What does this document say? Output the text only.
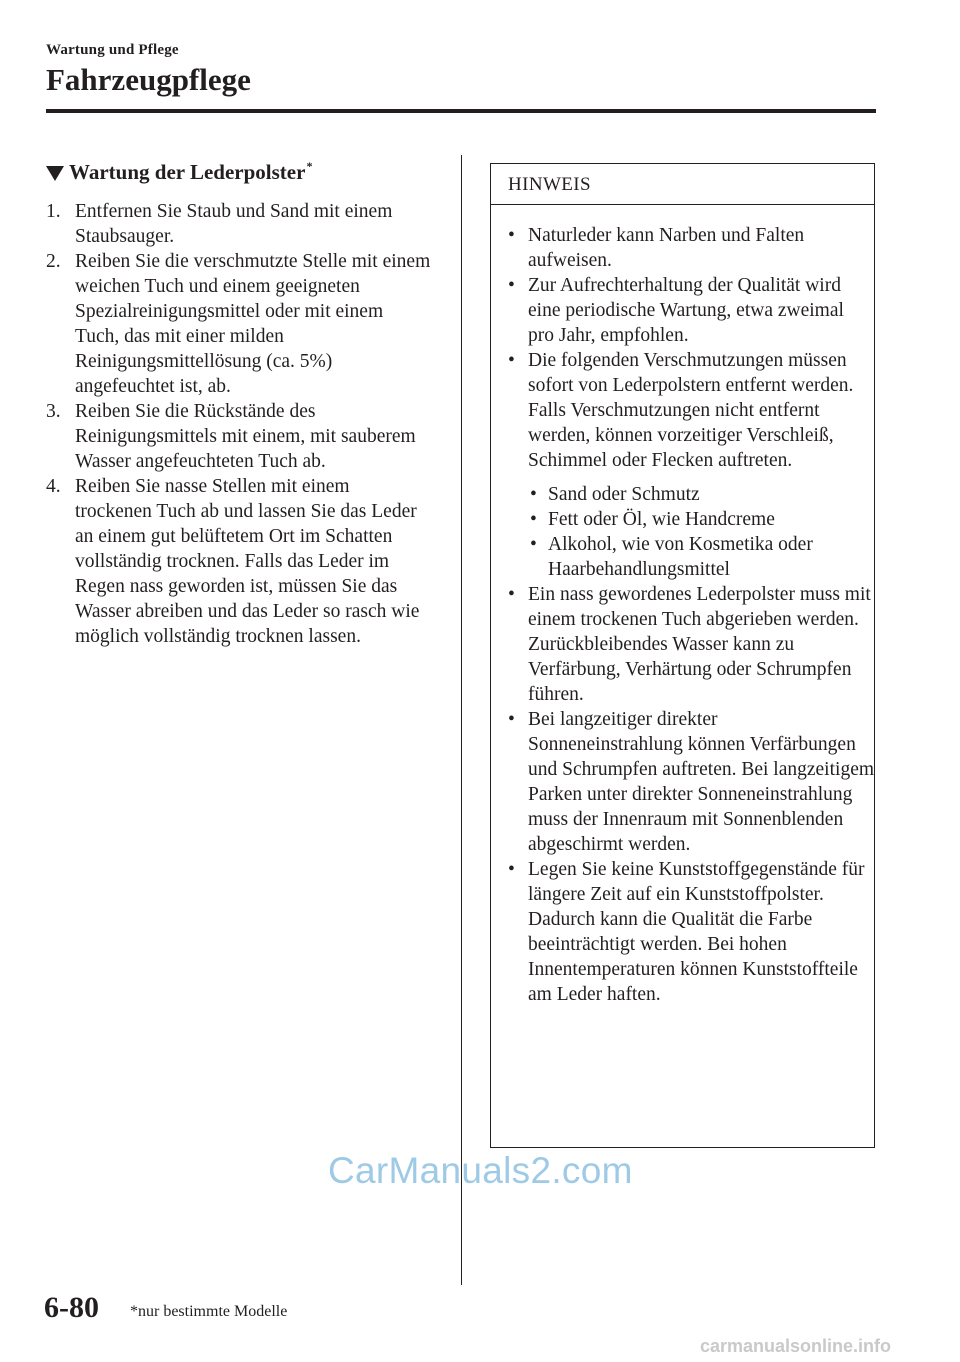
Wartung und Pflege
Fahrzeugpflege
Wartung der Lederpolster *
1. Entfernen Sie Staub und Sand mit einem Staubsauger.
2. Reiben Sie die verschmutzte Stelle mit einem weichen Tuch und einem geeigneten Spezialreinigungsmittel oder mit einem Tuch, das mit einer milden Reinigungsmittellösung (ca. 5%) angefeuchtet ist, ab.
3. Reiben Sie die Rückstände des Reinigungsmittels mit einem, mit sauberem Wasser angefeuchteten Tuch ab.
4. Reiben Sie nasse Stellen mit einem trockenen Tuch ab und lassen Sie das Leder an einem gut belüftetem Ort im Schatten vollständig trocknen. Falls das Leder im Regen nass geworden ist, müssen Sie das Wasser abreiben und das Leder so rasch wie möglich vollständig trocknen lassen.
HINWEIS
• Naturleder kann Narben und Falten aufweisen.
• Zur Aufrechterhaltung der Qualität wird eine periodische Wartung, etwa zweimal pro Jahr, empfohlen.
• Die folgenden Verschmutzungen müssen sofort von Lederpolstern entfernt werden.
Falls Verschmutzungen nicht entfernt werden, können vorzeitiger Verschleiß, Schimmel oder Flecken auftreten.
• Sand oder Schmutz
• Fett oder Öl, wie Handcreme
• Alkohol, wie von Kosmetika oder Haarbehandlungsmittel
• Ein nass gewordenes Lederpolster muss mit einem trockenen Tuch abgerieben werden. Zurückbleibendes Wasser kann zu Verfärbung, Verhärtung oder Schrumpfen führen.
• Bei langzeitiger direkter Sonneneinstrahlung können Verfärbungen und Schrumpfen auftreten. Bei langzeitigem Parken unter direkter Sonneneinstrahlung muss der Innenraum mit Sonnenblenden abgeschirmt werden.
• Legen Sie keine Kunststoffgegenstände für längere Zeit auf ein Kunststoffpolster. Dadurch kann die Qualität die Farbe beeinträchtigt werden. Bei hohen Innentemperaturen können Kunststoffteile am Leder haften.
CarManuals2.com
6-80 *nur bestimmte Modelle
carmanualsonline.info
